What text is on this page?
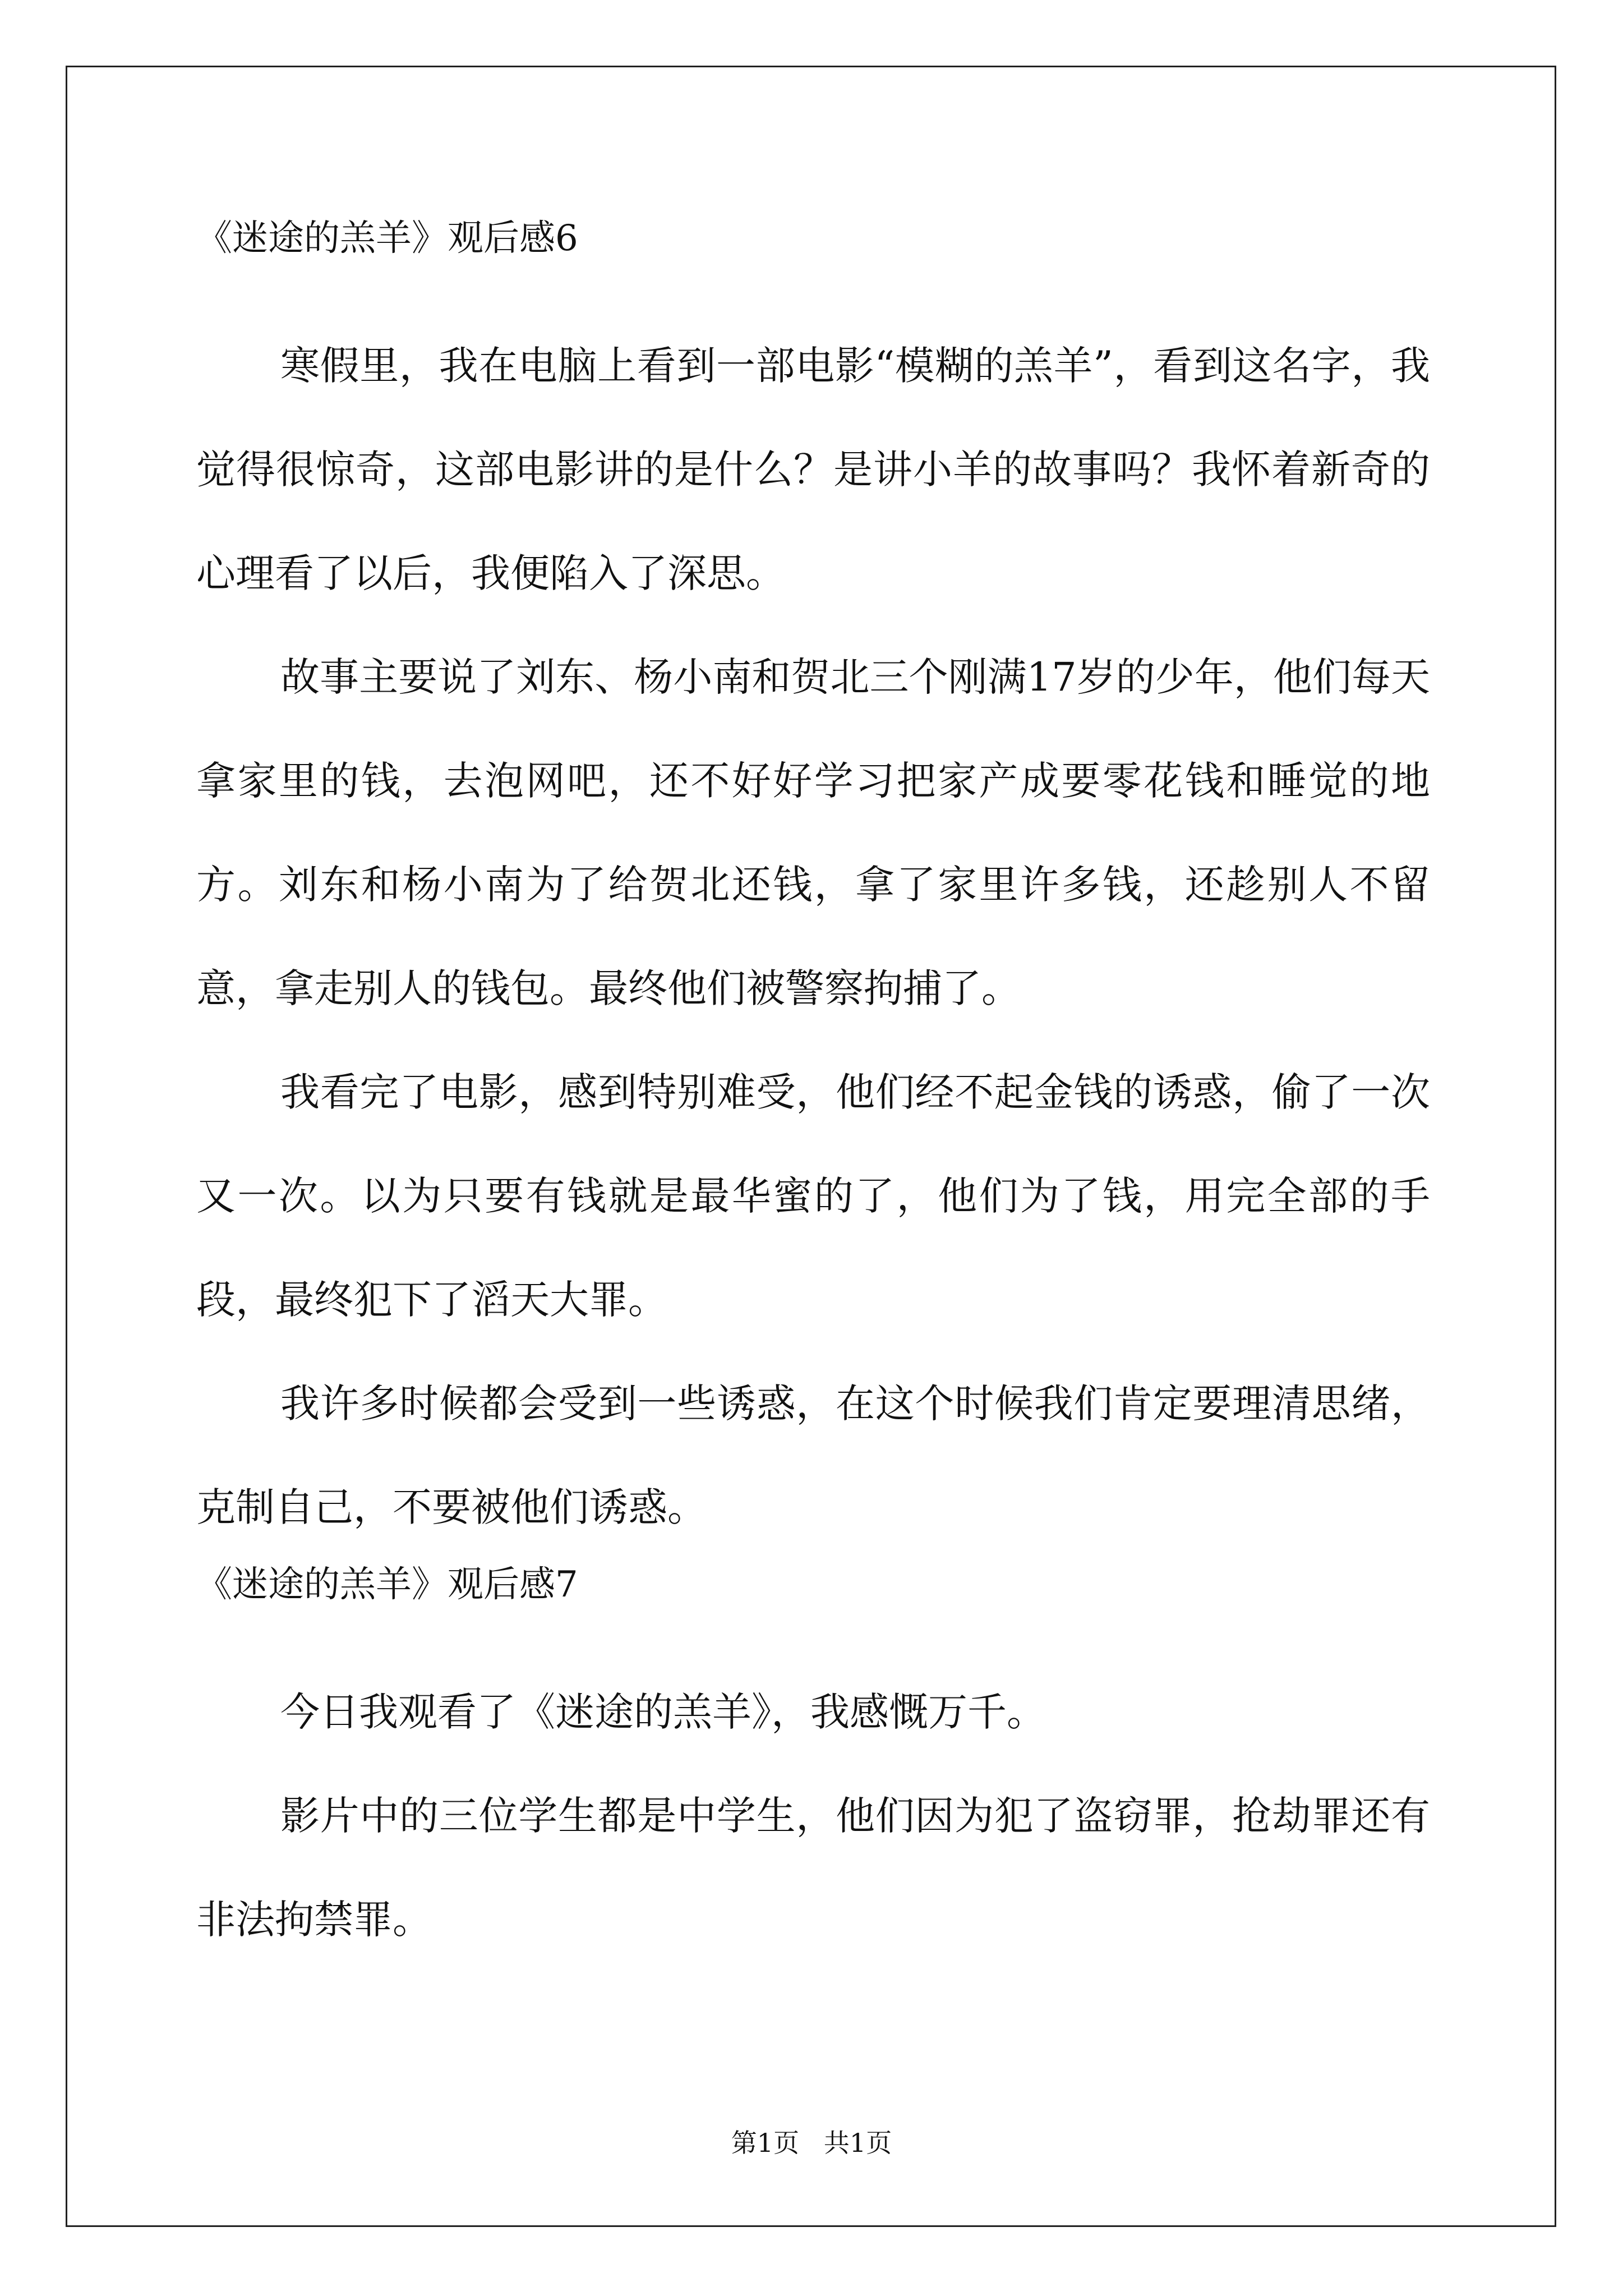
《迷途的羔羊》观后感6

寒假里，我在电脑上看到一部电影“模糊的羔羊”，看到这名字，我觉得很惊奇，这部电影讲的是什么？是讲小羊的故事吗？我怀着新奇的心理看了以后，我便陷入了深思。

故事主要说了刘东、杨小南和贺北三个刚满17岁的少年，他们每天拿家里的钱，去泡网吧，还不好好学习把家产成要零花钱和睡觉的地方。刘东和杨小南为了给贺北还钱，拿了家里许多钱，还趁别人不留意，拿走别人的钱包。最终他们被警察拘捕了。

我看完了电影，感到特别难受，他们经不起金钱的诱惑，偷了一次又一次。以为只要有钱就是最华蜜的了，他们为了钱，用完全部的手段，最终犯下了滔天大罪。

我许多时候都会受到一些诱惑，在这个时候我们肯定要理清思绪，克制自己，不要被他们诱惑。

《迷途的羔羊》观后感7

今日我观看了《迷途的羔羊》，我感慨万千。

影片中的三位学生都是中学生，他们因为犯了盗窃罪，抢劫罪还有非法拘禁罪。

第1页   共1页
